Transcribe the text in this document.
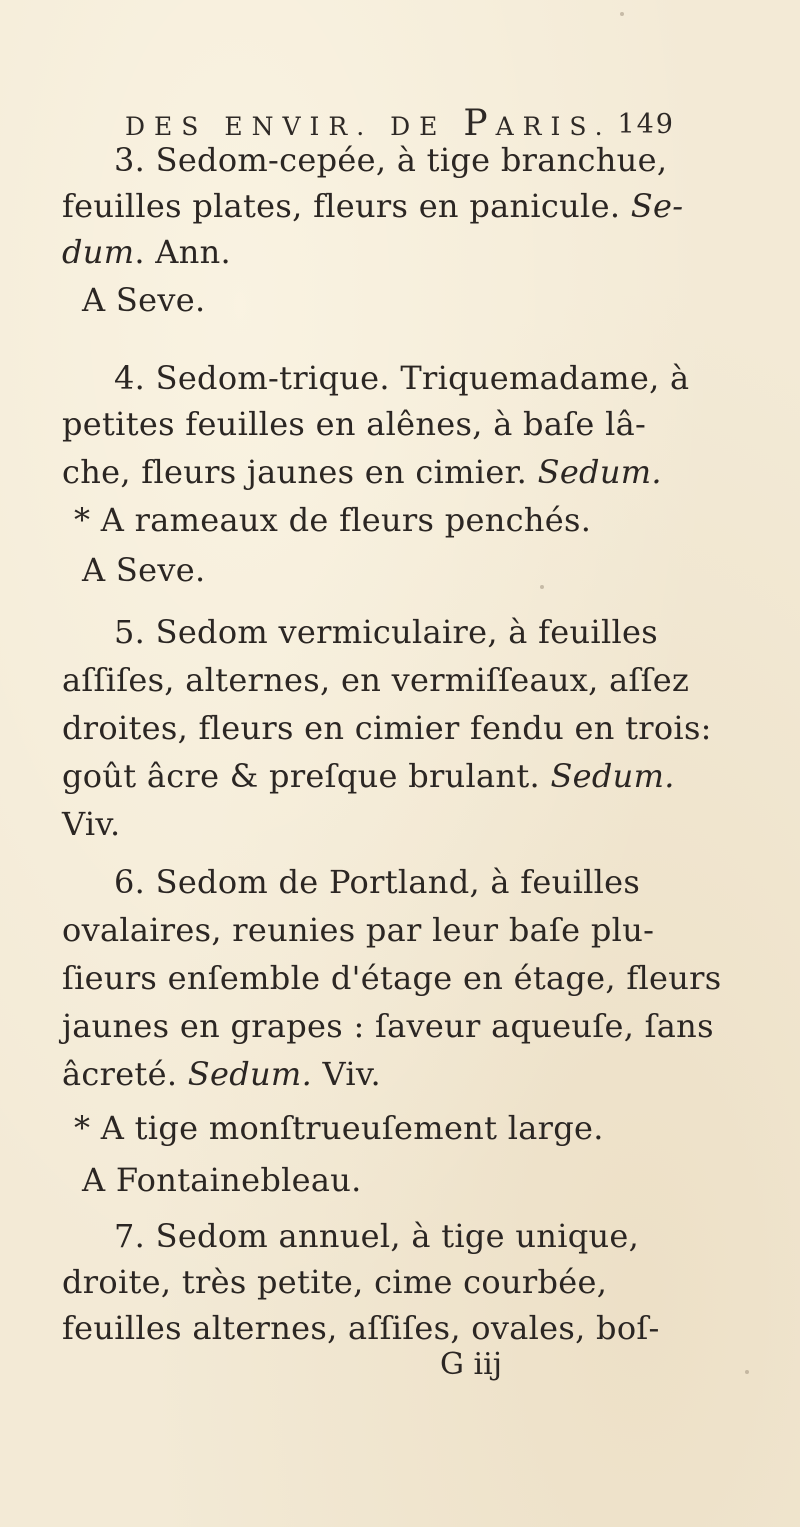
DES ENVIR. DE PARIS. 149
3. Sedom-cepée, à tige branchue,
feuilles plates, fleurs en panicule. Se-
dum. Ann.
A Seve.
4. Sedom-trique. Triquemadame, à
petites feuilles en alênes, à baſe lâ-
che, fleurs jaunes en cimier. Sedum.
* A rameaux de fleurs penchés.
A Seve.
5. Sedom vermiculaire, à feuilles
aſſiſes, alternes, en vermiſſeaux, aſſez
droites, fleurs en cimier fendu en trois:
goût âcre & preſque brulant. Sedum.
Viv.
6. Sedom de Portland, à feuilles
ovalaires, reunies par leur baſe plu-
ſieurs enſemble d'étage en étage, fleurs
jaunes en grapes : ſaveur aqueuſe, ſans
âcreté. Sedum. Viv.
* A tige monſtrueuſement large.
A Fontainebleau.
7. Sedom annuel, à tige unique,
droite, très petite, cime courbée,
feuilles alternes, aſſiſes, ovales, boſ-
G iij
